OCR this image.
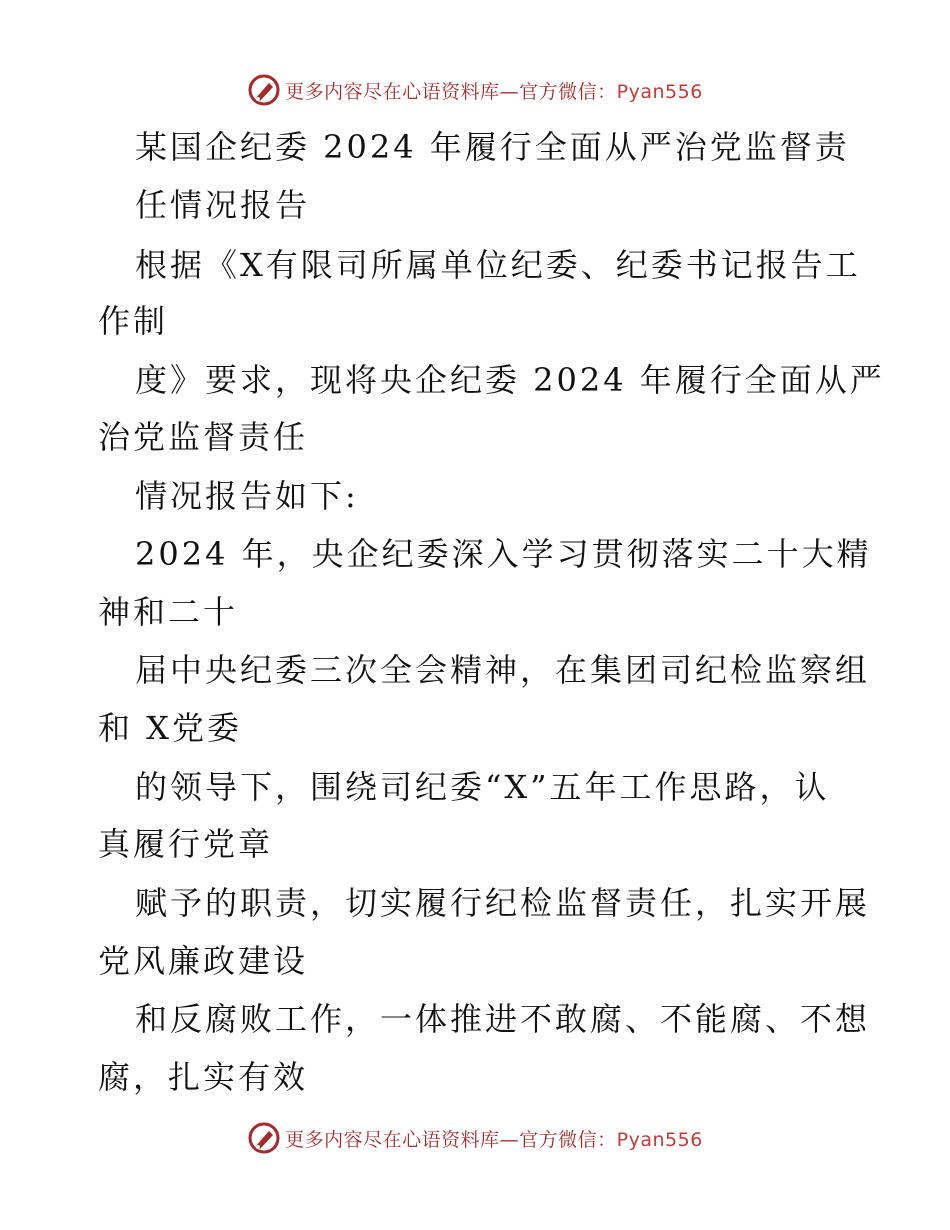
更多内容尽在心语资料库—官方微信：Pyan556
某国企纪委 2024 年履行全面从严治党监督责
任情况报告
根据《X有限司所属单位纪委、纪委书记报告工
作制
度》要求，现将央企纪委 2024 年履行全面从严
治党监督责任
情况报告如下:
2024 年，央企纪委深入学习贯彻落实二十大精
神和二十
届中央纪委三次全会精神，在集团司纪检监察组
和 X党委
的领导下，围绕司纪委“X”五年工作思路，认
真履行党章
赋予的职责，切实履行纪检监督责任，扎实开展
党风廉政建设
和反腐败工作，一体推进不敢腐、不能腐、不想
腐，扎实有效
更多内容尽在心语资料库—官方微信：Pyan556
